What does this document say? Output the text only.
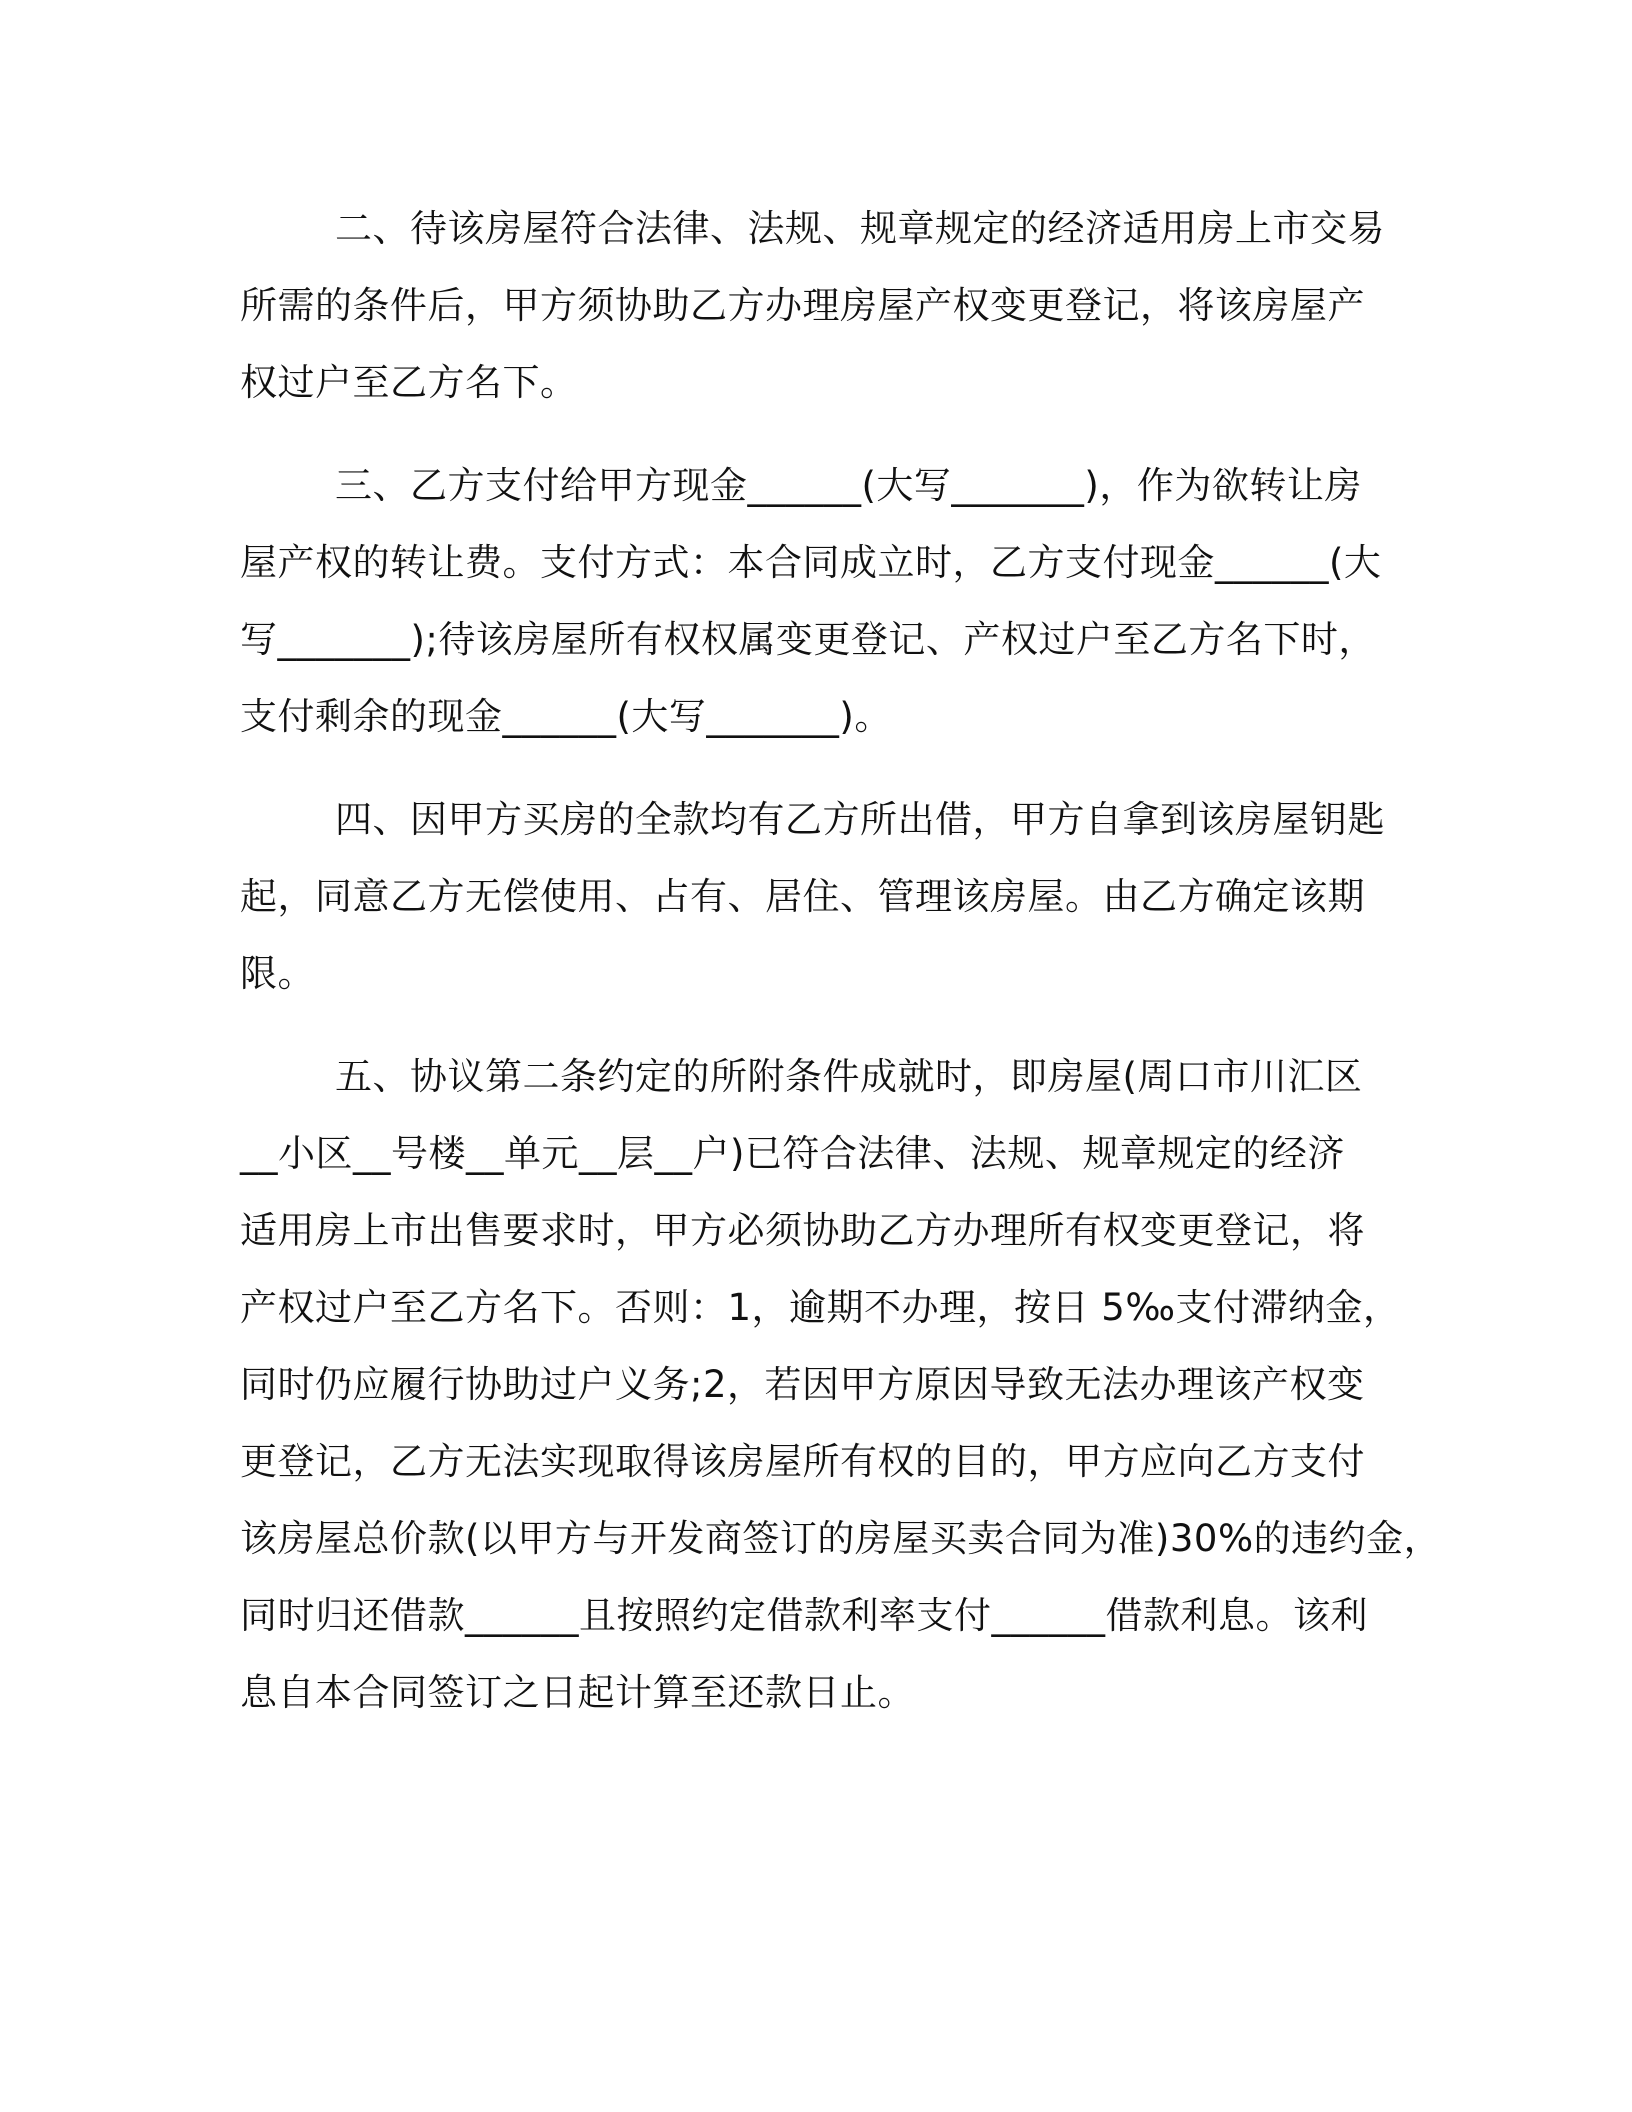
二、待该房屋符合法律、法规、规章规定的经济适用房上市交易
所需的条件后，甲方须协助乙方办理房屋产权变更登记，将该房屋产
权过户至乙方名下。

三、乙方支付给甲方现金______(大写_______)，作为欲转让房
屋产权的转让费。支付方式：本合同成立时，乙方支付现金______(大
写_______);待该房屋所有权权属变更登记、产权过户至乙方名下时，
支付剩余的现金______(大写_______)。

四、因甲方买房的全款均有乙方所出借，甲方自拿到该房屋钥匙
起，同意乙方无偿使用、占有、居住、管理该房屋。由乙方确定该期
限。

五、协议第二条约定的所附条件成就时，即房屋(周口市川汇区
__小区__号楼__单元__层__户)已符合法律、法规、规章规定的经济
适用房上市出售要求时，甲方必须协助乙方办理所有权变更登记，将
产权过户至乙方名下。否则：1，逾期不办理，按日 5‰支付滞纳金，
同时仍应履行协助过户义务;2，若因甲方原因导致无法办理该产权变
更登记，乙方无法实现取得该房屋所有权的目的，甲方应向乙方支付
该房屋总价款(以甲方与开发商签订的房屋买卖合同为准)30%的违约金，
同时归还借款______且按照约定借款利率支付______借款利息。该利
息自本合同签订之日起计算至还款日止。
